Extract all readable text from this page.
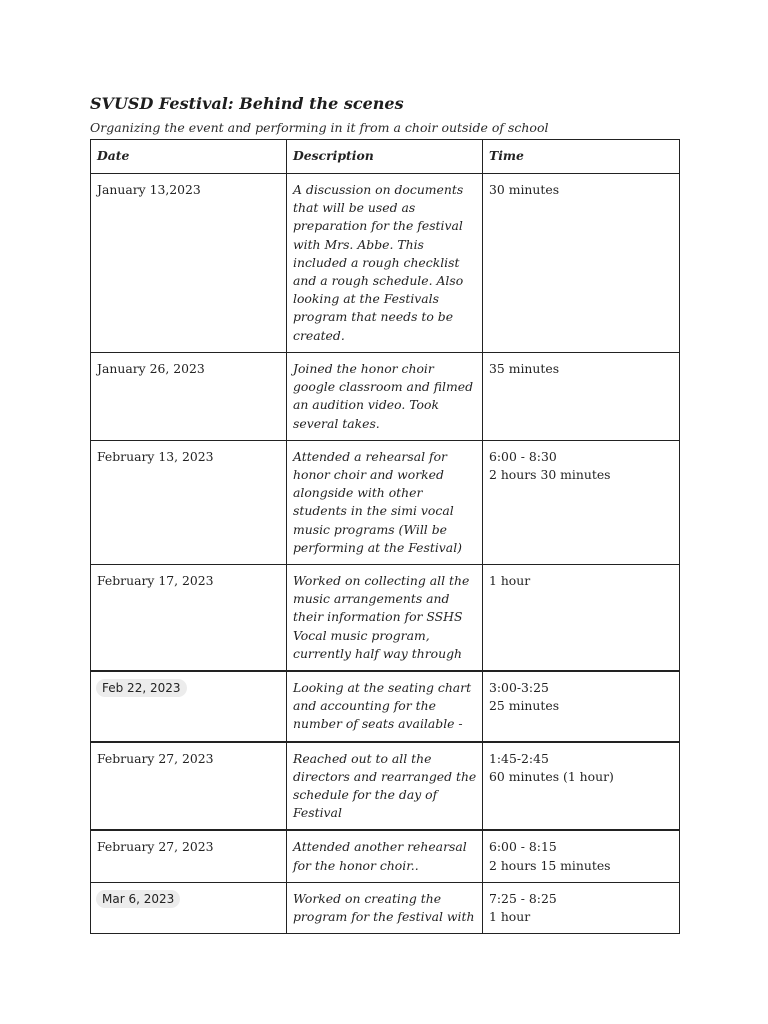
SVUSD Festival: Behind the scenes

Organizing the event and performing in it from a choir outside of school

Date	Description	Time
January 13,2023	A discussion on documents that will be used as preparation for the festival with Mrs. Abbe. This included a rough checklist and a rough schedule. Also looking at the Festivals program that needs to be created.	30 minutes

January 26, 2023	Joined the honor choir google classroom and filmed an audition video. Took several takes.	35 minutes

February 13, 2023	Attended a rehearsal for honor choir and worked alongside with other students in the simi vocal music programs (Will be performing at the Festival)	6:00 - 8:30
2 hours 30 minutes

February 17, 2023	Worked on collecting all the music arrangements and their information for SSHS Vocal music program, currently half way through	1 hour

Feb 22, 2023	Looking at the seating chart and accounting for the number of seats available -	3:00-3:25
25 minutes

February 27, 2023	Reached out to all the directors and rearranged the schedule for the day of Festival	1:45-2:45
60 minutes (1 hour)

February 27, 2023	Attended another rehearsal for the honor choir..	6:00 - 8:15
2 hours 15 minutes

Mar 6, 2023	Worked on creating the program for the festival with	7:25 - 8:25
1 hour
